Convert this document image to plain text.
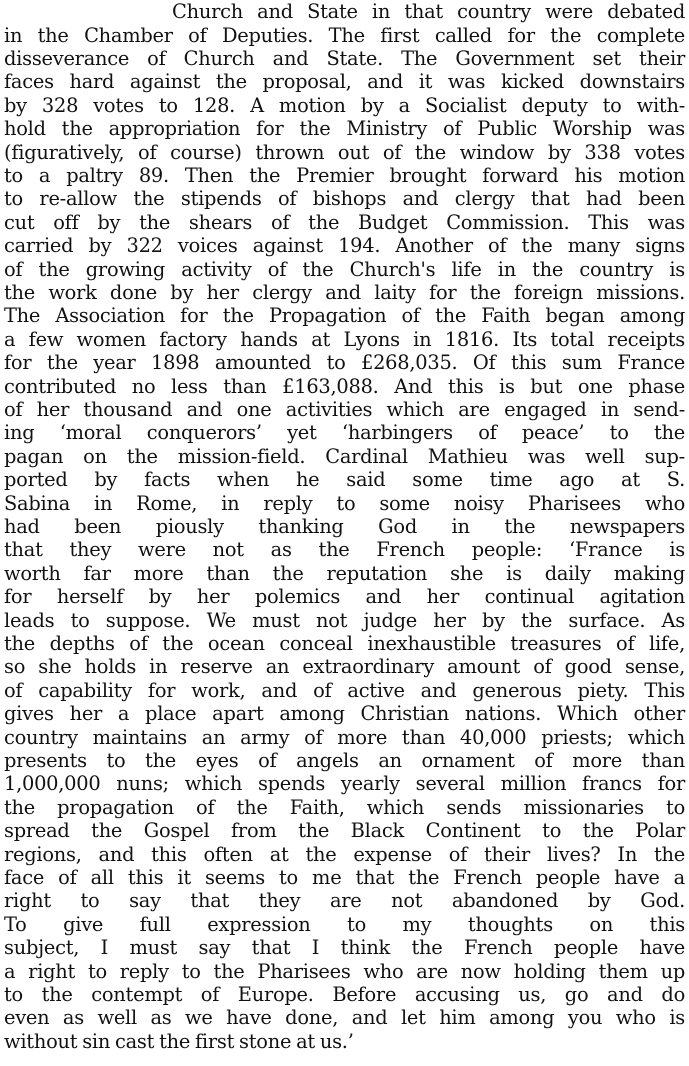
Church and State in that country were debated
in the Chamber of Deputies. The first called for the complete
disseverance of Church and State. The Government set their
faces hard against the proposal, and it was kicked downstairs
by 328 votes to 128. A motion by a Socialist deputy to with-
hold the appropriation for the Ministry of Public Worship was
(figuratively, of course) thrown out of the window by 338 votes
to a paltry 89. Then the Premier brought forward his motion
to re-allow the stipends of bishops and clergy that had been
cut off by the shears of the Budget Commission. This was
carried by 322 voices against 194. Another of the many signs
of the growing activity of the Church's life in the country is
the work done by her clergy and laity for the foreign missions.
The Association for the Propagation of the Faith began among
a few women factory hands at Lyons in 1816. Its total receipts
for the year 1898 amounted to £268,035. Of this sum France
contributed no less than £163,088. And this is but one phase
of her thousand and one activities which are engaged in send-
ing ‘moral conquerors’ yet ‘harbingers of peace’ to the
pagan on the mission-field. Cardinal Mathieu was well sup-
ported by facts when he said some time ago at S.
Sabina in Rome, in reply to some noisy Pharisees who
had been piously thanking God in the newspapers
that they were not as the French people: ‘France is
worth far more than the reputation she is daily making
for herself by her polemics and her continual agitation
leads to suppose. We must not judge her by the surface. As
the depths of the ocean conceal inexhaustible treasures of life,
so she holds in reserve an extraordinary amount of good sense,
of capability for work, and of active and generous piety. This
gives her a place apart among Christian nations. Which other
country maintains an army of more than 40,000 priests; which
presents to the eyes of angels an ornament of more than
1,000,000 nuns; which spends yearly several million francs for
the propagation of the Faith, which sends missionaries to
spread the Gospel from the Black Continent to the Polar
regions, and this often at the expense of their lives? In the
face of all this it seems to me that the French people have a
right to say that they are not abandoned by God.
To give full expression to my thoughts on this
subject, I must say that I think the French people have
a right to reply to the Pharisees who are now holding them up
to the contempt of Europe. Before accusing us, go and do
even as well as we have done, and let him among you who is
without sin cast the first stone at us.’
